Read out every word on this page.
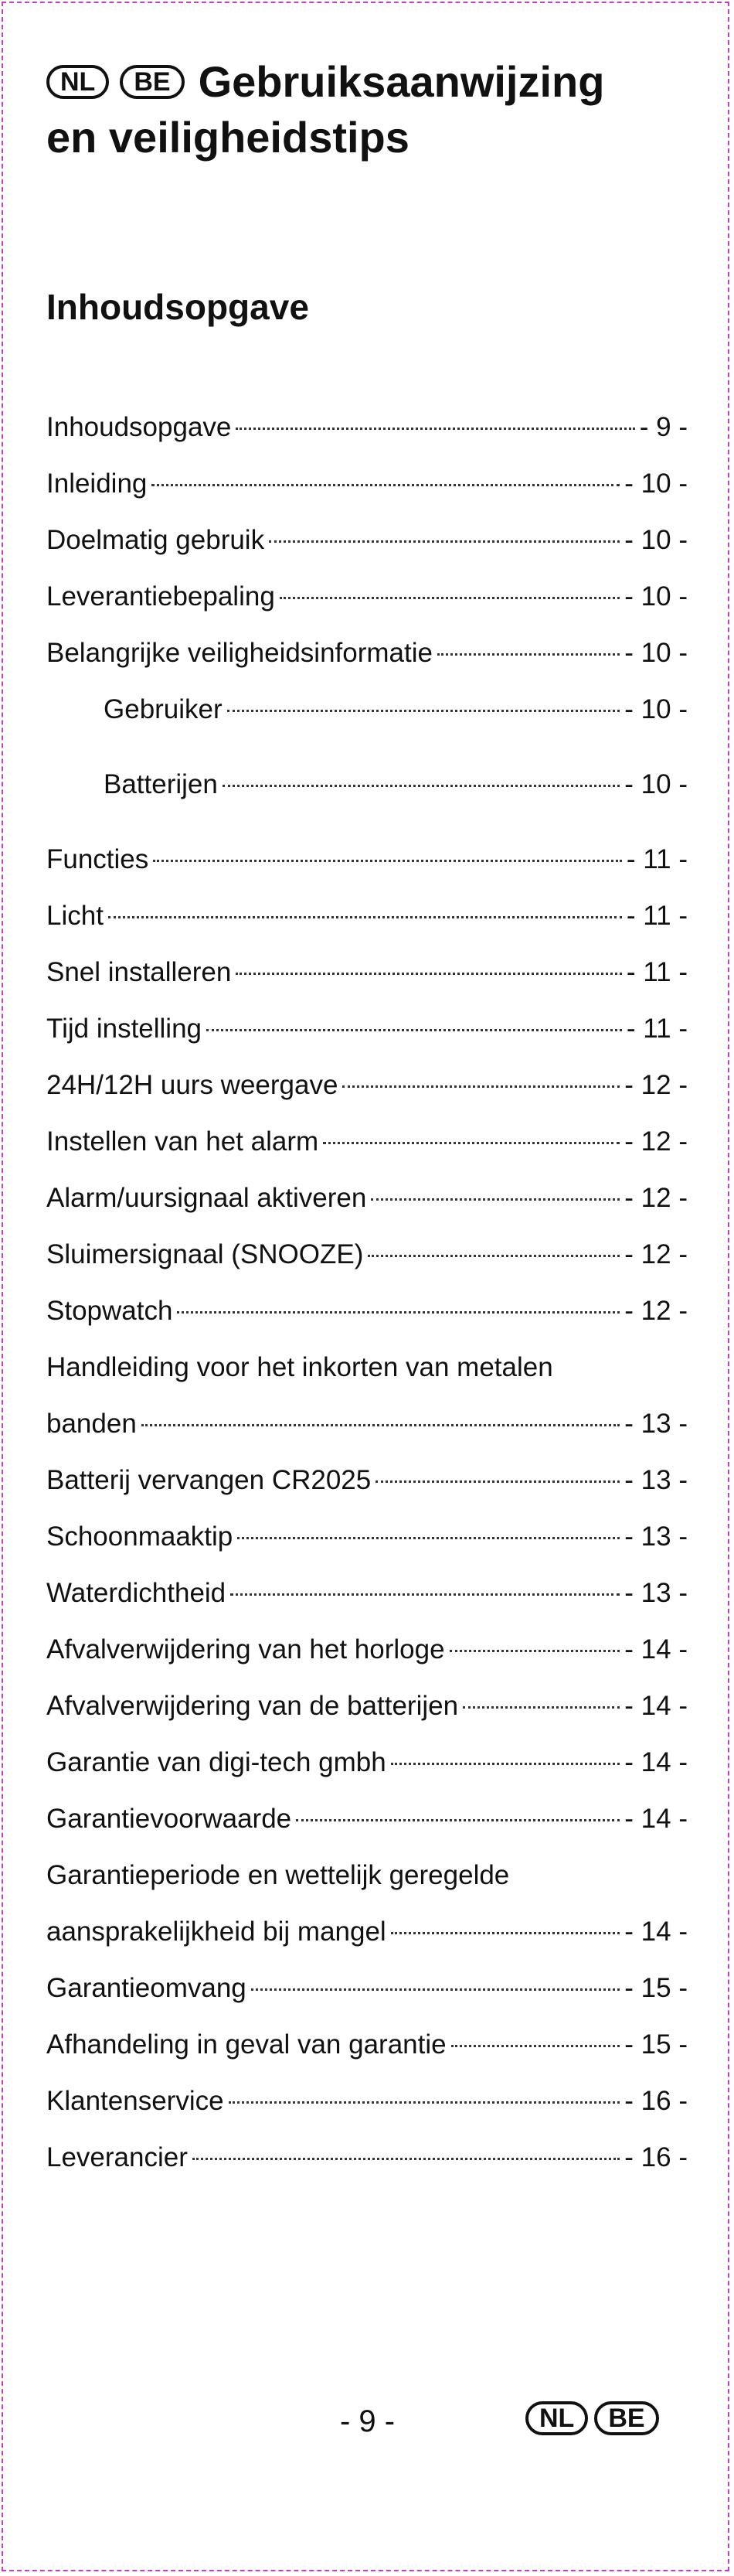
NL	BE Gebruiksaanwijzing
en veiligheidstips
Inhoudsopgave
Inhoudsopgave	- 9 -
Inleiding	- 10 -
Doelmatig gebruik	- 10 -
Leverantiebepaling	- 10 -
Belangrijke veiligheidsinformatie	- 10 -
Gebruiker	- 10 -
Batterijen	- 10 -
Functies	- 11 -
Licht	- 11 -
Snel installeren	- 11 -
Tijd instelling	- 11 -
24H/12H uurs weergave	- 12 -
Instellen van het alarm	- 12 -
Alarm/uursignaal aktiveren	- 12 -
Sluimersignaal (SNOOZE)	- 12 -
Stopwatch	- 12 -
Handleiding voor het inkorten van metalen
banden	- 13 -
Batterij vervangen CR2025	- 13 -
Schoonmaaktip	- 13 -
Waterdichtheid	- 13 -
Afvalverwijdering van het horloge	- 14 -
Afvalverwijdering van de batterijen	- 14 -
Garantie van digi-tech gmbh	- 14 -
Garantievoorwaarde	- 14 -
Garantieperiode en wettelijk geregelde
aansprakelijkheid bij mangel	- 14 -
Garantieomvang	- 15 -
Afhandeling in geval van garantie	- 15 -
Klantenservice	- 16 -
Leverancier	- 16 -
- 9 -	NL	BE
